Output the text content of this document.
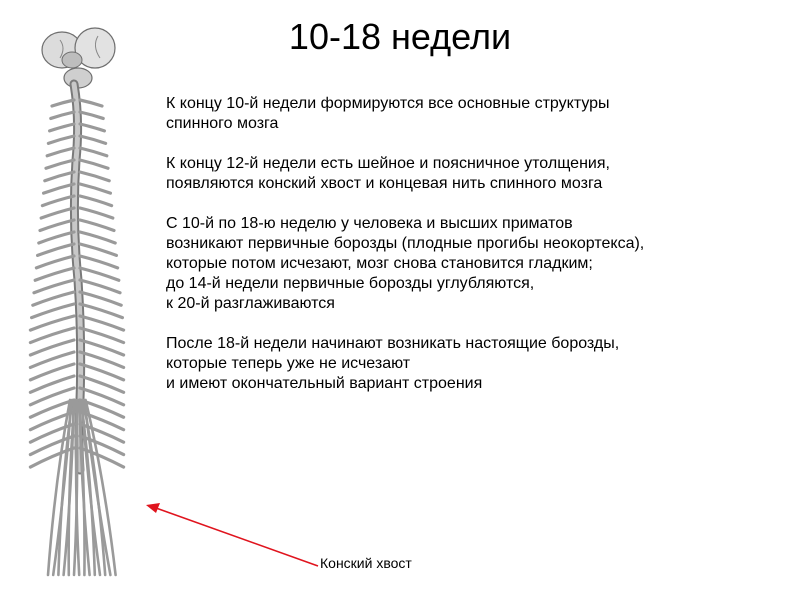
10-18 недели

К концу 10-й недели формируются все основные структуры
спинного мозга

К концу 12-й недели есть шейное и поясничное утолщения,
появляются конский хвост и концевая нить спинного мозга

С 10-й по 18-ю неделю у человека и высших приматов
возникают первичные борозды (плодные прогибы неокортекса),
которые потом исчезают, мозг снова становится гладким;
до 14-й недели первичные борозды углубляются,
к 20-й разглаживаются

После 18-й недели начинают возникать настоящие борозды,
которые теперь уже не исчезают
и имеют окончательный вариант строения

Конский хвост
